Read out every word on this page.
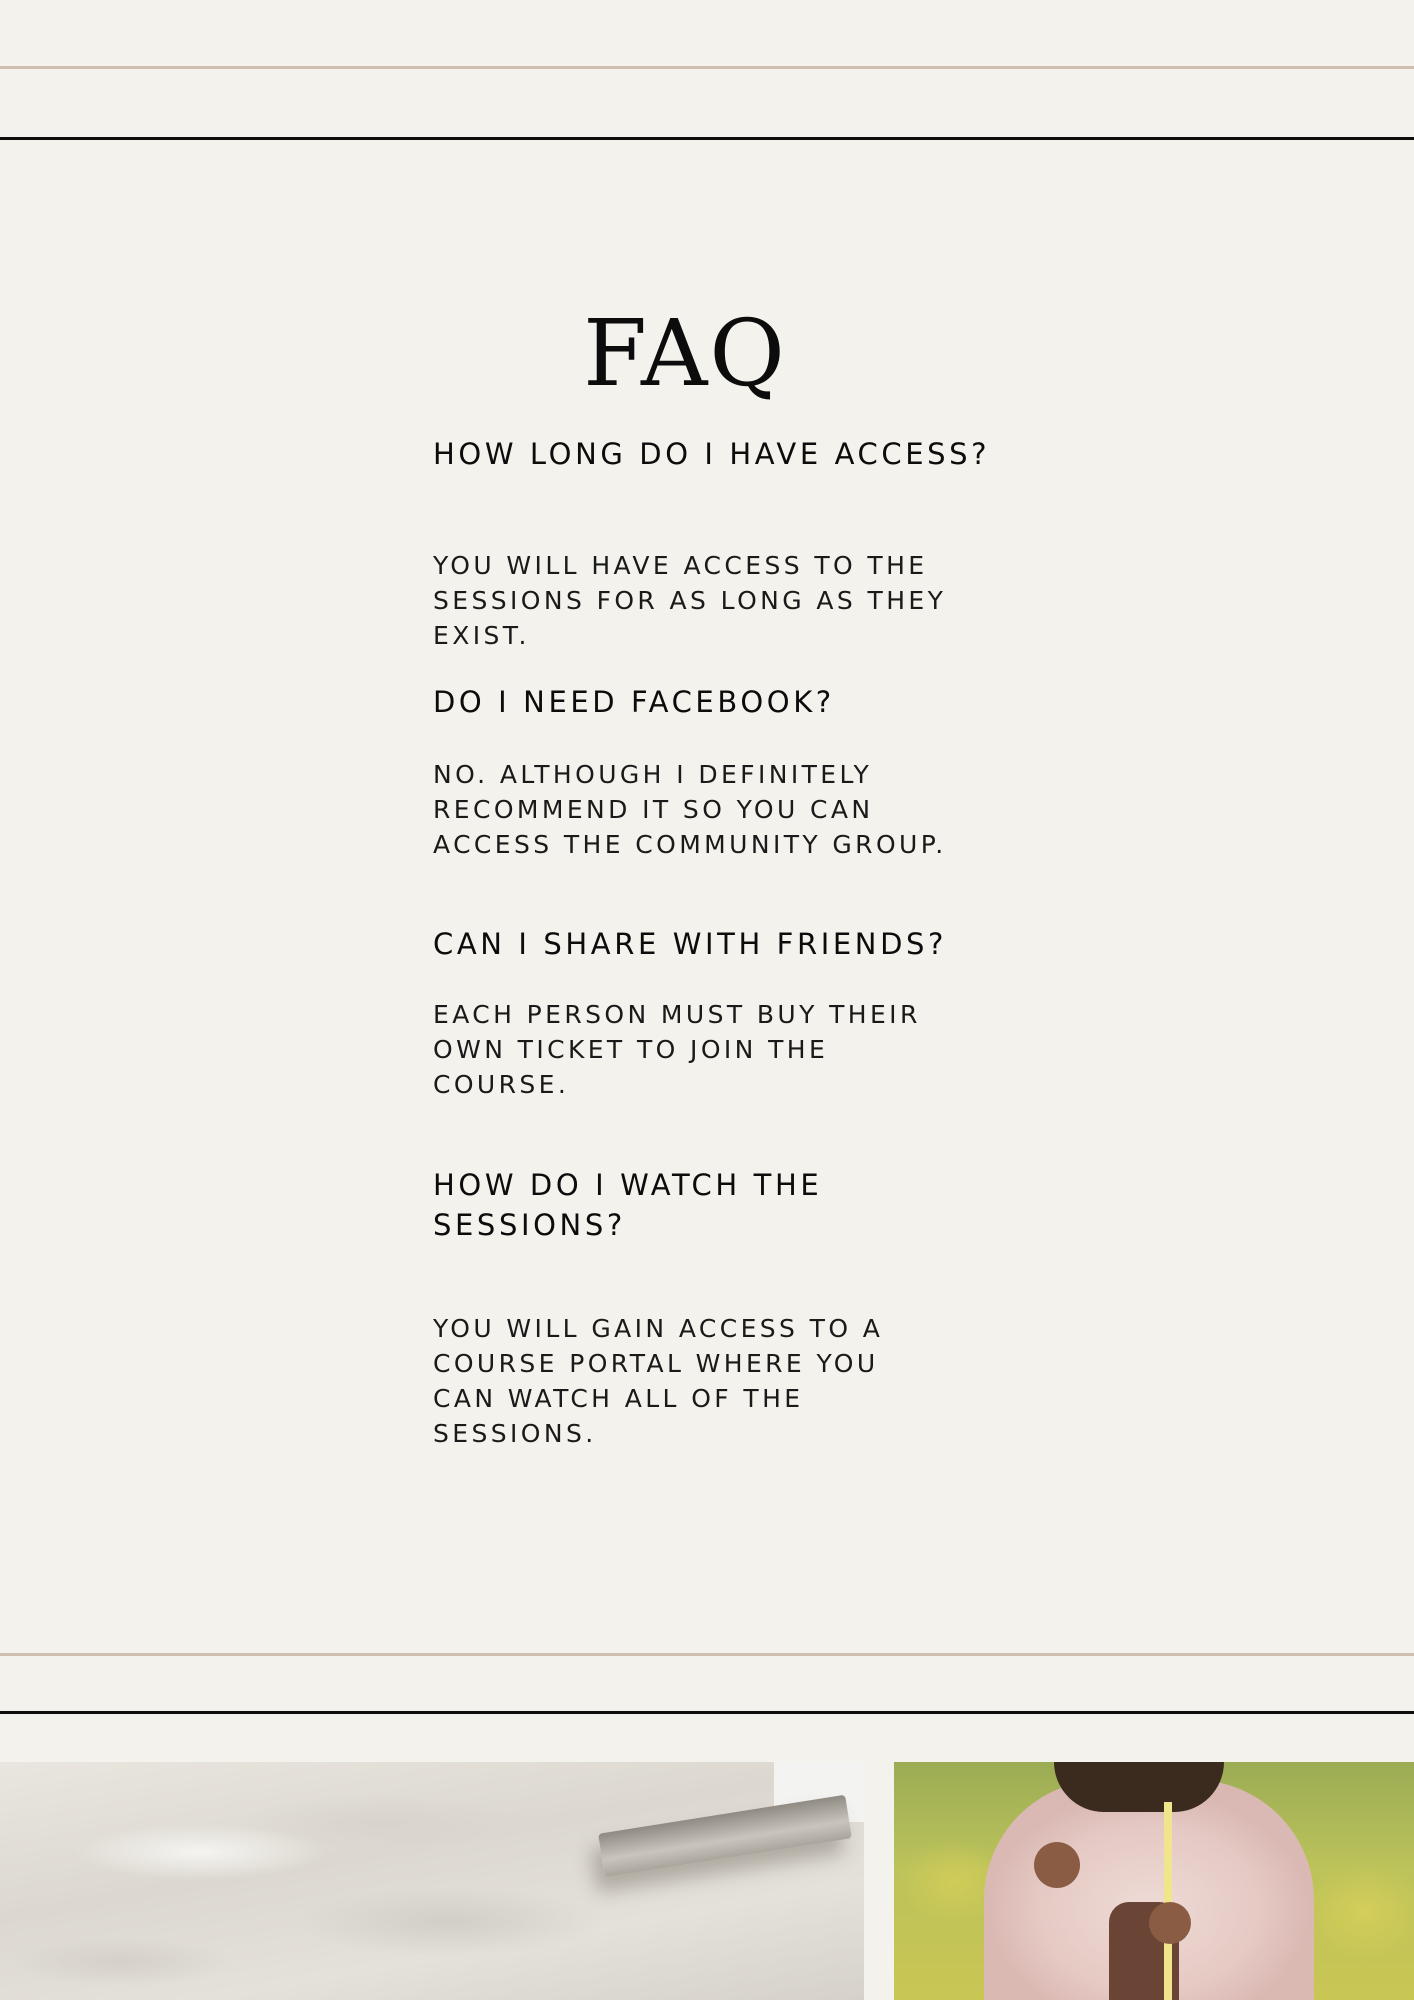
FAQ
HOW LONG DO I HAVE ACCESS?

YOU WILL HAVE ACCESS TO THE SESSIONS FOR AS LONG AS THEY EXIST.

DO I NEED FACEBOOK?

NO. ALTHOUGH I DEFINITELY RECOMMEND IT SO YOU CAN ACCESS THE COMMUNITY GROUP.

CAN I SHARE WITH FRIENDS?

EACH PERSON MUST BUY THEIR OWN TICKET TO JOIN THE COURSE.

HOW DO I WATCH THE SESSIONS?

YOU WILL GAIN ACCESS TO A COURSE PORTAL WHERE YOU CAN WATCH ALL OF THE SESSIONS.
